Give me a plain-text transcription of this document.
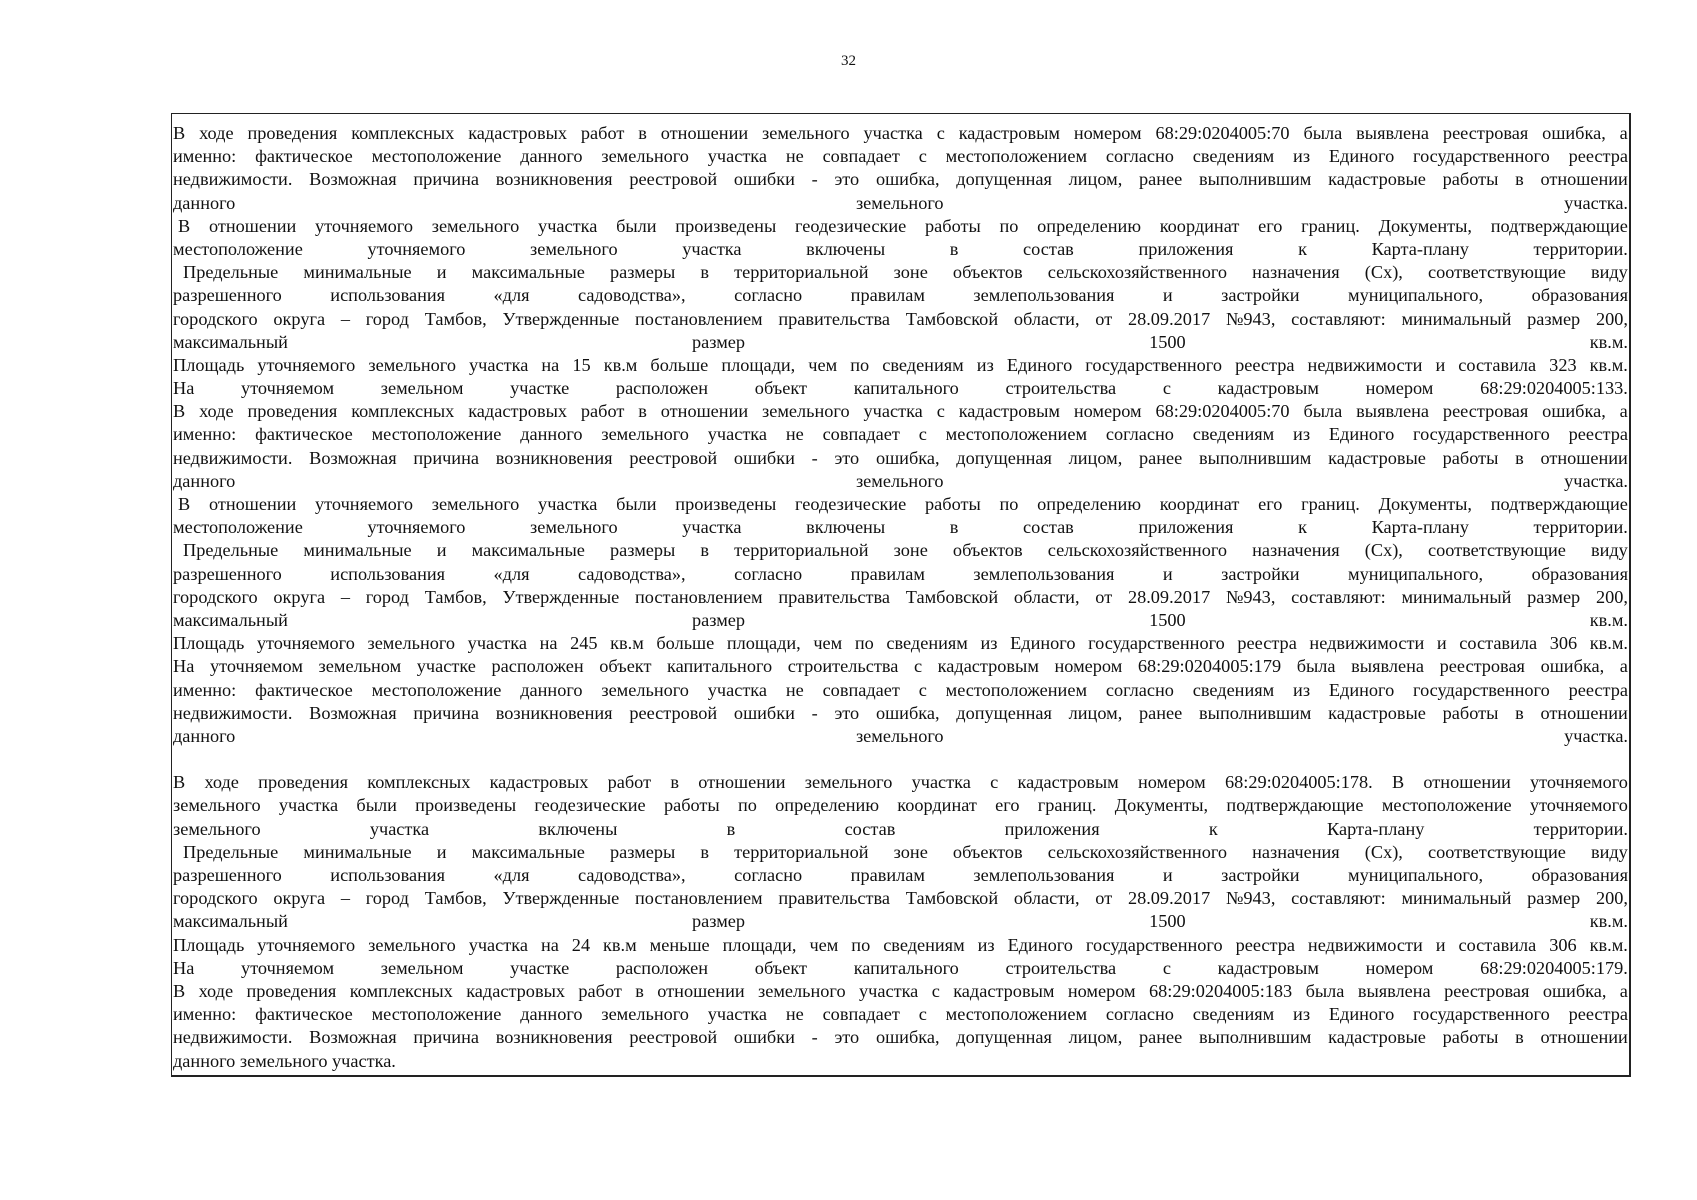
32
В ходе проведения комплексных кадастровых работ в отношении земельного участка с кадастровым номером 68:29:0204005:70 была выявлена реестровая ошибка, а
именно: фактическое местоположение данного земельного участка не совпадает с местоположением согласно сведениям из Единого государственного реестра
недвижимости. Возможная причина возникновения реестровой ошибки - это ошибка, допущенная лицом, ранее выполнившим кадастровые работы в отношении
данного	земельного	участка.
В отношении уточняемого земельного участка были произведены геодезические работы по определению координат его границ. Документы, подтверждающие
местоположение	уточняемого	земельного	участка	включены	в	состав	приложения	к	Карта-плану	территории.
Предельные минимальные и максимальные размеры в территориальной зоне объектов сельскохозяйственного назначения (Сх), соответствующие виду
разрешенного	использования	«для	садоводства»,	согласно	правилам	землепользования	и	застройки	муниципального,	образования
городского округа – город Тамбов, Утвержденные постановлением правительства Тамбовской области, от 28.09.2017 №943, составляют: минимальный размер 200,
максимальный	размер	1500	кв.м.
Площадь уточняемого земельного участка на 15 кв.м больше площади, чем по сведениям из Единого государственного реестра недвижимости и составила 323 кв.м.
На	уточняемом	земельном	участке	расположен	объект	капитального	строительства	с	кадастровым	номером	68:29:0204005:133.
В ходе проведения комплексных кадастровых работ в отношении земельного участка с кадастровым номером 68:29:0204005:70 была выявлена реестровая ошибка, а
именно: фактическое местоположение данного земельного участка не совпадает с местоположением согласно сведениям из Единого государственного реестра
недвижимости. Возможная причина возникновения реестровой ошибки - это ошибка, допущенная лицом, ранее выполнившим кадастровые работы в отношении
данного	земельного	участка.
В отношении уточняемого земельного участка были произведены геодезические работы по определению координат его границ. Документы, подтверждающие
местоположение	уточняемого	земельного	участка	включены	в	состав	приложения	к	Карта-плану	территории.
Предельные минимальные и максимальные размеры в территориальной зоне объектов сельскохозяйственного назначения (Сх), соответствующие виду
разрешенного	использования	«для	садоводства»,	согласно	правилам	землепользования	и	застройки	муниципального,	образования
городского округа – город Тамбов, Утвержденные постановлением правительства Тамбовской области, от 28.09.2017 №943, составляют: минимальный размер 200,
максимальный	размер	1500	кв.м.
Площадь уточняемого земельного участка на 245 кв.м больше площади, чем по сведениям из Единого государственного реестра недвижимости и составила 306 кв.м.
На уточняемом земельном участке расположен объект капитального строительства с кадастровым номером 68:29:0204005:179 была выявлена реестровая ошибка, а
именно: фактическое местоположение данного земельного участка не совпадает с местоположением согласно сведениям из Единого государственного реестра
недвижимости. Возможная причина возникновения реестровой ошибки - это ошибка, допущенная лицом, ранее выполнившим кадастровые работы в отношении
данного	земельного	участка.
В ходе проведения комплексных кадастровых работ в отношении земельного участка с кадастровым номером 68:29:0204005:178. В отношении уточняемого
земельного участка были произведены геодезические работы по определению координат его границ. Документы, подтверждающие местоположение уточняемого
земельного	участка	включены	в	состав	приложения	к	Карта-плану	территории.
Предельные минимальные и максимальные размеры в территориальной зоне объектов сельскохозяйственного назначения (Сх), соответствующие виду
разрешенного	использования	«для	садоводства»,	согласно	правилам	землепользования	и	застройки	муниципального,	образования
городского округа – город Тамбов, Утвержденные постановлением правительства Тамбовской области, от 28.09.2017 №943, составляют: минимальный размер 200,
максимальный	размер	1500	кв.м.
Площадь уточняемого земельного участка на 24 кв.м меньше площади, чем по сведениям из Единого государственного реестра недвижимости и составила 306 кв.м.
На	уточняемом	земельном	участке	расположен	объект	капитального	строительства	с	кадастровым	номером	68:29:0204005:179.
В ходе проведения комплексных кадастровых работ в отношении земельного участка с кадастровым номером 68:29:0204005:183 была выявлена реестровая ошибка, а
именно: фактическое местоположение данного земельного участка не совпадает с местоположением согласно сведениям из Единого государственного реестра
недвижимости. Возможная причина возникновения реестровой ошибки - это ошибка, допущенная лицом, ранее выполнившим кадастровые работы в отношении
данного земельного участка.
